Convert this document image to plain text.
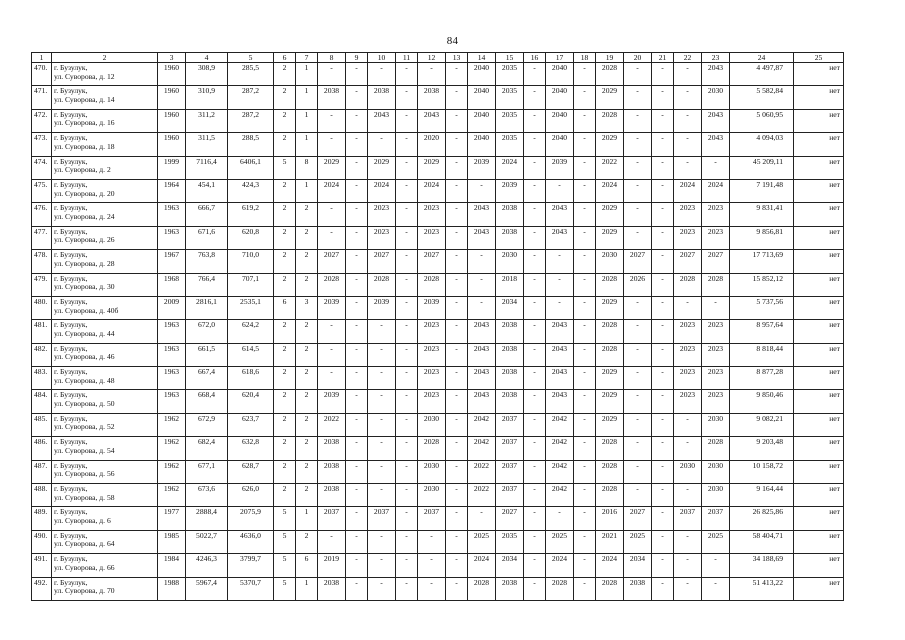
84
1	2	3	4	5	6	7	8	9	10	11	12	13	14	15	16	17	18	19	20	21	22	23	24	25
470.	г. Бузулук,
ул. Суворова, д. 12	1960	308,9	285,5	2	1	-	-	-	-	-	-	2040	2035	-	2040	-	2028	-	-	-	2043	4 497,87	нет
471.	г. Бузулук,
ул. Суворова, д. 14	1960	310,9	287,2	2	1	2038	-	2038	-	2038	-	2040	2035	-	2040	-	2029	-	-	-	2030	5 582,84	нет
472.	г. Бузулук,
ул. Суворова, д. 16	1960	311,2	287,2	2	1	-	-	2043	-	2043	-	2040	2035	-	2040	-	2028	-	-	-	2043	5 060,95	нет
473.	г. Бузулук,
ул. Суворова, д. 18	1960	311,5	288,5	2	1	-	-	-	-	2020	-	2040	2035	-	2040	-	2029	-	-	-	2043	4 094,03	нет
474.	г. Бузулук,
ул. Суворова, д. 2	1999	7116,4	6406,1	5	8	2029	-	2029	-	2029	-	2039	2024	-	2039	-	2022	-	-	-	-	45 209,11	нет
475.	г. Бузулук,
ул. Суворова, д. 20	1964	454,1	424,3	2	1	2024	-	2024	-	2024	-	-	2039	-	-	-	2024	-	-	2024	2024	7 191,48	нет
476.	г. Бузулук,
ул. Суворова, д. 24	1963	666,7	619,2	2	2	-	-	2023	-	2023	-	2043	2038	-	2043	-	2029	-	-	2023	2023	9 831,41	нет
477.	г. Бузулук,
ул. Суворова, д. 26	1963	671,6	620,8	2	2	-	-	2023	-	2023	-	2043	2038	-	2043	-	2029	-	-	2023	2023	9 856,81	нет
478.	г. Бузулук,
ул. Суворова, д. 28	1967	763,8	710,0	2	2	2027	-	2027	-	2027	-	-	2030	-	-	-	2030	2027	-	2027	2027	17 713,69	нет
479.	г. Бузулук,
ул. Суворова, д. 30	1968	766,4	707,1	2	2	2028	-	2028	-	2028	-	-	2018	-	-	-	2028	2026	-	2028	2028	15 852,12	нет
480.	г. Бузулук,
ул. Суворова, д. 40б	2009	2816,1	2535,1	6	3	2039	-	2039	-	2039	-	-	2034	-	-	-	2029	-	-	-	-	5 737,56	нет
481.	г. Бузулук,
ул. Суворова, д. 44	1963	672,0	624,2	2	2	-	-	-	-	2023	-	2043	2038	-	2043	-	2028	-	-	2023	2023	8 957,64	нет
482.	г. Бузулук,
ул. Суворова, д. 46	1963	661,5	614,5	2	2	-	-	-	-	2023	-	2043	2038	-	2043	-	2028	-	-	2023	2023	8 818,44	нет
483.	г. Бузулук,
ул. Суворова, д. 48	1963	667,4	618,6	2	2	-	-	-	-	2023	-	2043	2038	-	2043	-	2029	-	-	2023	2023	8 877,28	нет
484.	г. Бузулук,
ул. Суворова, д. 50	1963	668,4	620,4	2	2	2039	-	-	-	2023	-	2043	2038	-	2043	-	2029	-	-	2023	2023	9 850,46	нет
485.	г. Бузулук,
ул. Суворова, д. 52	1962	672,9	623,7	2	2	2022	-	-	-	2030	-	2042	2037	-	2042	-	2029	-	-	-	2030	9 082,21	нет
486.	г. Бузулук,
ул. Суворова, д. 54	1962	682,4	632,8	2	2	2038	-	-	-	2028	-	2042	2037	-	2042	-	2028	-	-	-	2028	9 203,48	нет
487.	г. Бузулук,
ул. Суворова, д. 56	1962	677,1	628,7	2	2	2038	-	-	-	2030	-	2022	2037	-	2042	-	2028	-	-	2030	2030	10 158,72	нет
488.	г. Бузулук,
ул. Суворова, д. 58	1962	673,6	626,0	2	2	2038	-	-	-	2030	-	2022	2037	-	2042	-	2028	-	-	-	2030	9 164,44	нет
489.	г. Бузулук,
ул. Суворова, д. 6	1977	2888,4	2075,9	5	1	2037	-	2037	-	2037	-	-	2027	-	-	-	2016	2027	-	2037	2037	26 825,86	нет
490.	г. Бузулук,
ул. Суворова, д. 64	1985	5022,7	4636,0	5	2	-	-	-	-	-	-	2025	2035	-	2025	-	2021	2025	-	-	2025	58 404,71	нет
491.	г. Бузулук,
ул. Суворова, д. 66	1984	4246,3	3799,7	5	6	2019	-	-	-	-	-	2024	2034	-	2024	-	2024	2034	-	-	-	34 188,69	нет
492.	г. Бузулук,
ул. Суворова, д. 70	1988	5967,4	5370,7	5	1	2038	-	-	-	-	-	2028	2038	-	2028	-	2028	2038	-	-	-	51 413,22	нет
